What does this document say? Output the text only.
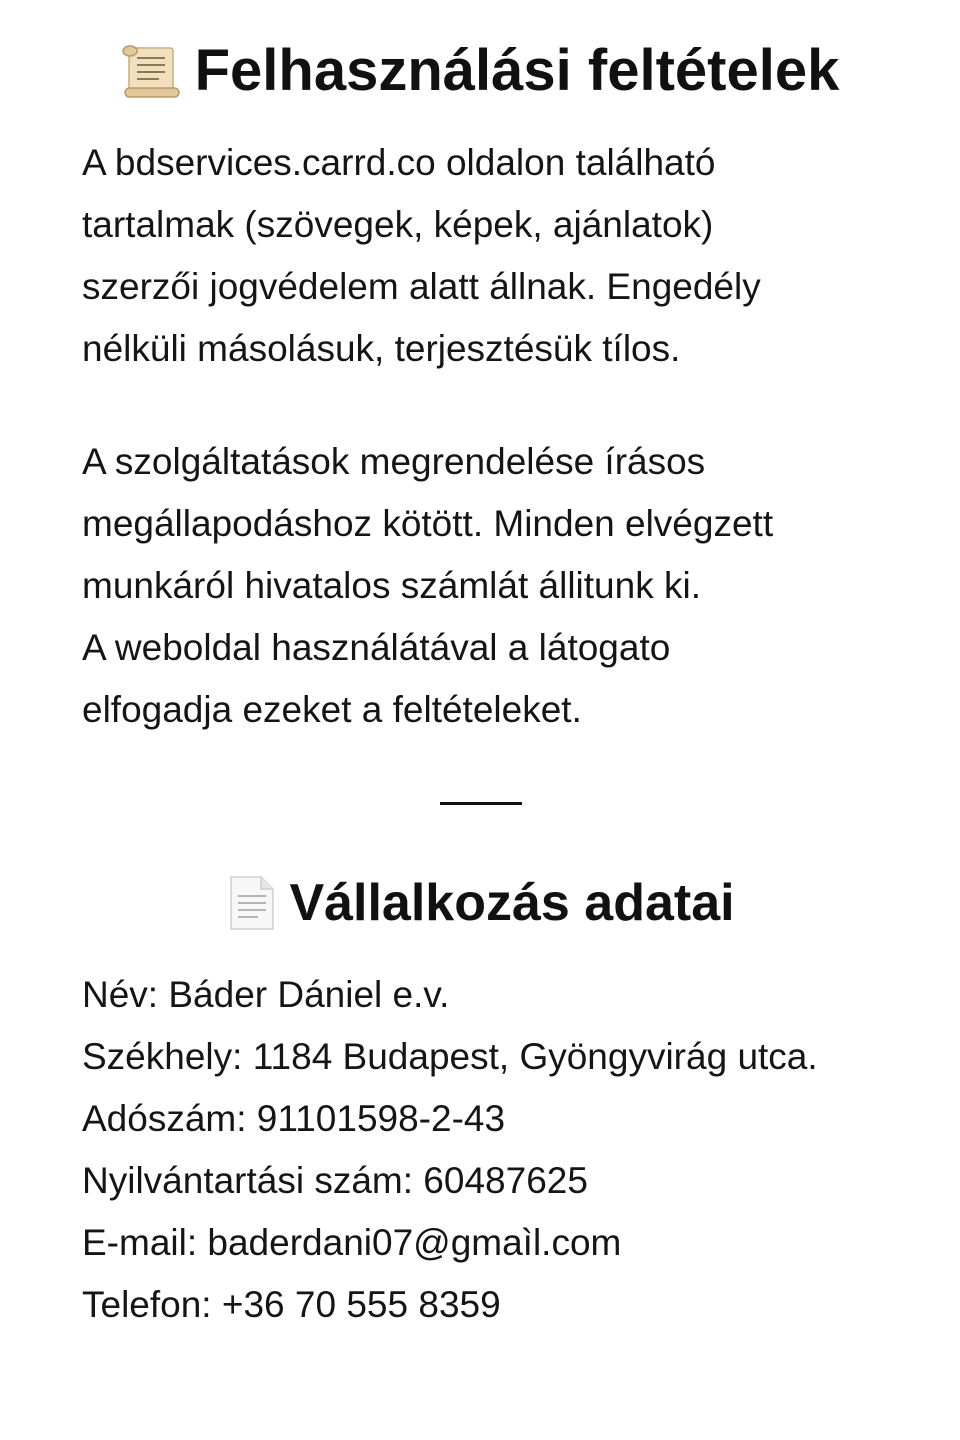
Felhasználási feltételek
A bdservices.carrd.co oldalon található
tartalmak (szövegek, képek, ajánlatok)
szerzői jogvédelem alatt állnak. Engedély
nélküli másolásuk, terjesztésük tílos.
A szolgáltatások megrendelése írásos
megállapodáshoz kötött. Minden elvégzett
munkáról hivatalos számlát állitunk ki.
A weboldal használátával a látogato
elfogadja ezeket a feltételeket.
Vállalkozás adatai
Név: Báder Dániel e.v.
Székhely: 1184 Budapest, Gyöngyvirág utca.
Adószám: 91101598-2-43
Nyilvántartási szám: 60487625
E-mail: baderdani07@gmaìl.com
Telefon: +36 70 555 8359
